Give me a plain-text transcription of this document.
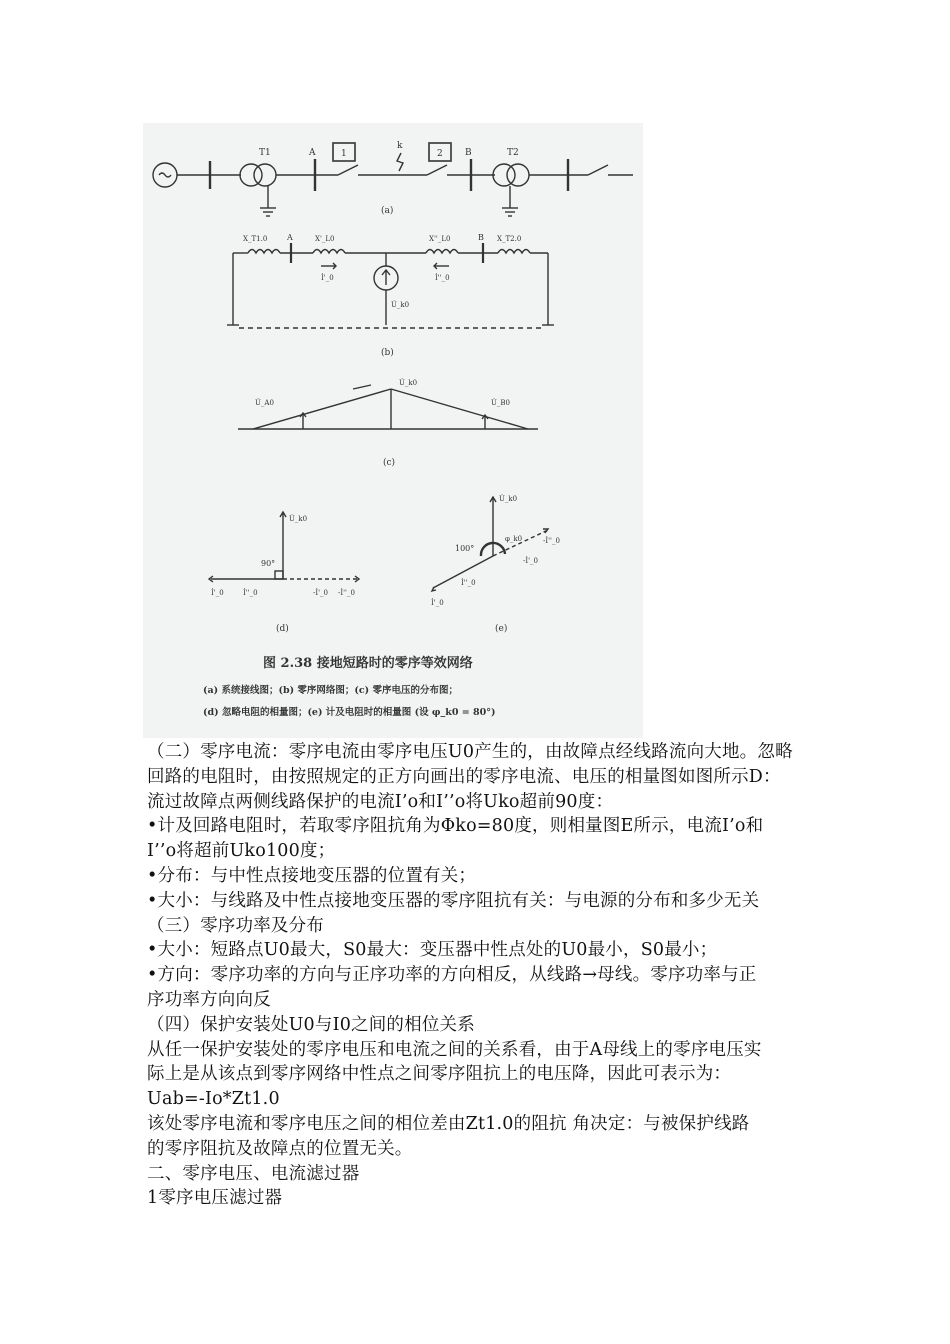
T1	T2
A	B
k
1	2
(a)
X_T1.0	X_T2.0
A	B
X'_L0	X''_L0
İ'_0	İ''_0
U̇_k0
(b)
U̇_A0	U̇_B0
U̇_k0
(c)
U̇_k0
90°
İ'_0	İ''_0	-İ'_0 -İ''_0
(d)
U̇_k0
100°
φ_k0
İ'_0
İ''_0
-İ'_0
-İ''_0
(e)
图 2.38 接地短路时的零序等效网络
(a) 系统接线图；(b) 零序网络图；(c) 零序电压的分布图；
(d) 忽略电阻的相量图；(e) 计及电阻时的相量图 (设 φ_k0 = 80°)
（二）零序电流：零序电流由零序电压U0产生的，由故障点经线路流向大地。忽略
回路的电阻时，由按照规定的正方向画出的零序电流、电压的相量图如图所示D：
流过故障点两侧线路保护的电流I’o和I’’o将Uko超前90度：
•计及回路电阻时，若取零序阻抗角为Φko=80度，则相量图E所示，电流I’o和
I’’o将超前Uko100度；
•分布：与中性点接地变压器的位置有关；
•大小：与线路及中性点接地变压器的零序阻抗有关：与电源的分布和多少无关
（三）零序功率及分布
•大小：短路点U0最大，S0最大：变压器中性点处的U0最小，S0最小；
•方向：零序功率的方向与正序功率的方向相反，从线路→母线。零序功率与正
序功率方向向反
（四）保护安装处U0与I0之间的相位关系
从任一保护安装处的零序电压和电流之间的关系看，由于A母线上的零序电压实
际上是从该点到零序网络中性点之间零序阻抗上的电压降，因此可表示为：
Uab=-Io*Zt1.0
该处零序电流和零序电压之间的相位差由Zt1.0的阻抗 角决定：与被保护线路
的零序阻抗及故障点的位置无关。
二、零序电压、电流滤过器
1零序电压滤过器
